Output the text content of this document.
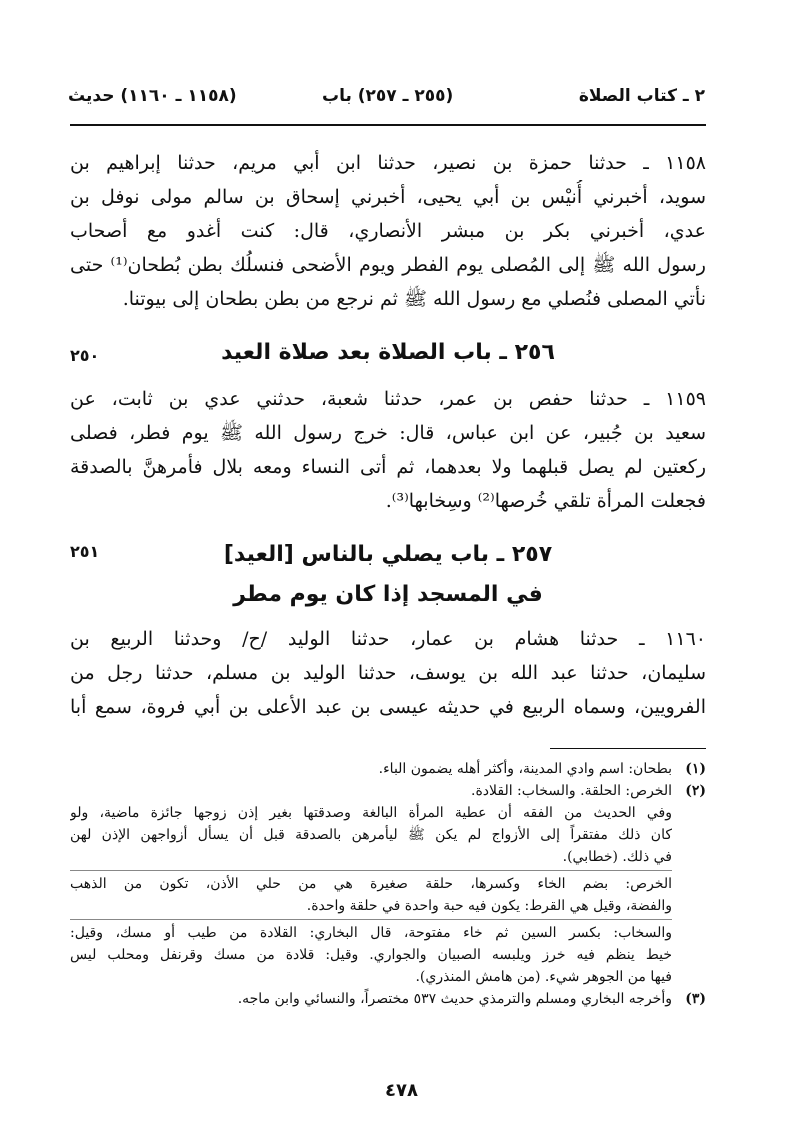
٢ ـ كتاب الصلاة
(٢٥٥ ـ ٢٥٧) باب
(١١٥٨ ـ ١١٦٠) حديث
١١٥٨ ـ حدثنا حمزة بن نصير، حدثنا ابن أبي مريم، حدثنا إبراهيم بن
سويد، أخبرني أُنيْس بن أبي يحيى، أخبرني إسحاق بن سالم مولى نوفل بن
عدي، أخبرني بكر بن مبشر الأنصاري، قال: كنت أغدو مع أصحاب
رسول الله ﷺ إلى المُصلى يوم الفطر ويوم الأضحى فنسلُك بطن بُطحان⁽¹⁾ حتى
نأتي المصلى فنُصلي مع رسول الله ﷺ ثم نرجع من بطن بطحان إلى بيوتنا.
٢٥٠	٢٥٦ ـ باب الصلاة بعد صلاة العيد
١١٥٩ ـ حدثنا حفص بن عمر، حدثنا شعبة، حدثني عدي بن ثابت، عن
سعيد بن جُبير، عن ابن عباس، قال: خرج رسول الله ﷺ يوم فطر، فصلى
ركعتين لم يصل قبلهما ولا بعدهما، ثم أتى النساء ومعه بلال فأمرهنَّ بالصدقة
فجعلت المرأة تلقي خُرصها⁽²⁾ وسِخابها⁽³⁾.
٢٥١	٢٥٧ ـ باب يصلي بالناس [العيد]
في المسجد إذا كان يوم مطر
١١٦٠ ـ حدثنا هشام بن عمار، حدثنا الوليد /ح/ وحدثنا الربيع بن
سليمان، حدثنا عبد الله بن يوسف، حدثنا الوليد بن مسلم، حدثنا رجل من
الفرويين، وسماه الربيع في حديثه عيسى بن عبد الأعلى بن أبي فروة، سمع أبا
(١)
بطحان: اسم وادي المدينة، وأكثر أهله يضمون الباء.
(٢)
الخرص: الحلقة. والسخاب: القلادة.
وفي الحديث من الفقه أن عطية المرأة البالغة وصدقتها بغير إذن زوجها جائزة ماضية، ولو
كان ذلك مفتقراً إلى الأزواج لم يكن ﷺ ليأمرهن بالصدقة قبل أن يسأل أزواجهن الإذن لهن
في ذلك. (خطابي).
الخرص: بضم الخاء وكسرها، حلقة صغيرة هي من حلي الأذن، تكون من الذهب
والفضة، وقيل هي القرط: يكون فيه حبة واحدة في حلقة واحدة.
والسخاب: بكسر السين ثم خاء مفتوحة، قال البخاري: القلادة من طيب أو مسك، وقيل:
خيط ينظم فيه خرز ويلبسه الصبيان والجواري. وقيل: قلادة من مسك وقرنفل ومحلب ليس
فيها من الجوهر شيء. (من هامش المنذري).
(٣)
وأخرجه البخاري ومسلم والترمذي حديث ٥٣٧ مختصراً، والنسائي وابن ماجه.
٤٧٨
